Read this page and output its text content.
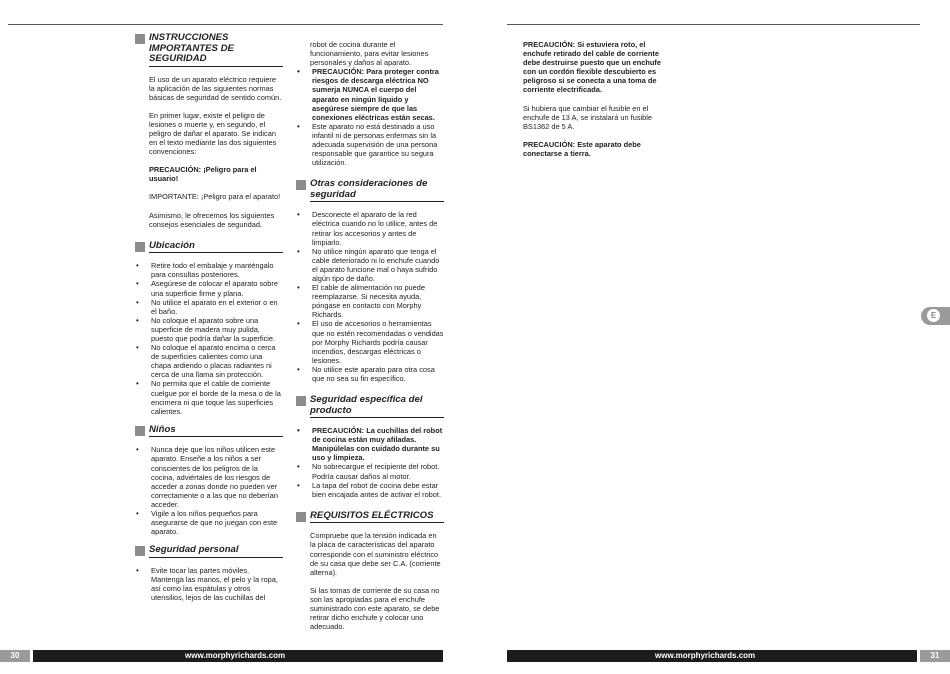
INSTRUCCIONES IMPORTANTES DE SEGURIDAD
El uso de un aparato eléctrico requiere la aplicación de las siguientes normas básicas de seguridad de sentido común.
En primer lugar, existe el peligro de lesiones o muerte y, en segundo, el peligro de dañar el aparato. Se indican en el texto mediante las dos siguientes convenciones:
PRECAUCIÓN: ¡Peligro para el usuario!
IMPORTANTE: ¡Peligro para el aparato!
Asimismo, le ofrecemos los siguientes consejos esenciales de seguridad.
Ubicación
• Retire todo el embalaje y manténgalo para consultas posteriores.
• Asegúrese de colocar el aparato sobre una superficie firme y plana.
• No utilice el aparato en el exterior o en el baño.
• No coloque el aparato sobre una superficie de madera muy pulida, puesto que podría dañar la superficie.
• No coloque el aparato encima o cerca de superficies calientes como una chapa ardiendo o placas radiantes ni cerca de una llama sin protección.
• No permita que el cable de corriente cuelgue por el borde de la mesa o de la encimera ni que toque las superficies calientes.
Niños
• Nunca deje que los niños utilicen este aparato. Enseñe a los niños a ser conscientes de los peligros de la cocina, adviértales de los riesgos de acceder a zonas donde no pueden ver correctamente o a las que no deberían acceder.
• Vigile a los niños pequeños para asegurarse de que no juegan con este aparato.
Seguridad personal
• Evite tocar las partes móviles. Mantenga las manos, el pelo y la ropa, así como las espátulas y otros utensilios, lejos de las cuchillas del
robot de cocina durante el funcionamiento, para evitar lesiones personales y daños al aparato.
• PRECAUCIÓN: Para proteger contra riesgos de descarga eléctrica NO sumerja NUNCA el cuerpo del aparato en ningún líquido y asegúrese siempre de que las conexiones eléctricas están secas.
• Este aparato no está destinado a uso infantil ni de personas enfermas sin la adecuada supervisión de una persona responsable que garantice su segura utilización.
Otras consideraciones de seguridad
• Desconecte el aparato de la red eléctrica cuando no lo utilice, antes de retirar los accesorios y antes de limpiarlo.
• No utilice ningún aparato que tenga el cable deteriorado ni lo enchufe cuando el aparato funcione mal o haya sufrido algún tipo de daño.
• El cable de alimentación no puede reemplazarse. Si necesita ayuda, póngase en contacto con Morphy Richards.
• El uso de accesorios o herramientas que no estén recomendadas o vendidas por Morphy Richards podría causar incendios, descargas eléctricas o lesiones.
• No utilice este aparato para otra cosa que no sea su fin específico.
Seguridad específica del producto
• PRECAUCIÓN: La cuchillas del robot de cocina están muy afiladas. Manipúlelas con cuidado durante su uso y limpieza.
• No sobrecargue el recipiente del robot. Podría causar daños al motor.
• La tapa del robot de cocina debe estar bien encajada antes de activar el robot.
REQUISITOS ELÉCTRICOS
Compruebe que la tensión indicada en la placa de características del aparato corresponde con el suministro eléctrico de su casa que debe ser C.A. (corriente alterna).
Si las tomas de corriente de su casa no son las apropiadas para el enchufe suministrado con este aparato, se debe retirar dicho enchufe y colocar uno adecuado.
30	www.morphyrichards.com
PRECAUCIÓN: Si estuviera roto, el enchufe retirado del cable de corriente debe destruirse puesto que un enchufe con un cordón flexible descubierto es peligroso si se conecta a una toma de corriente electrificada.
Si hubiera que cambiar el fusible en el enchufe de 13 A, se instalará un fusible BS1362 de 5 A.
PRECAUCIÓN: Este aparato debe conectarse a tierra.
www.morphyrichards.com	31
E
